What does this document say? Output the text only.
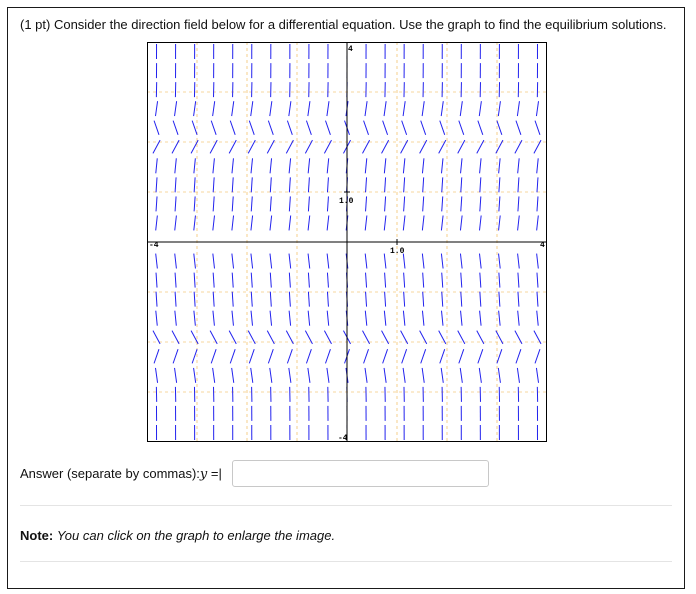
(1 pt) Consider the direction field below for a differential equation. Use the graph to find the equilibrium solutions.
-4	4
1.0
4
-4
1.0
Answer (separate by commas):y =|
Note: You can click on the graph to enlarge the image.
